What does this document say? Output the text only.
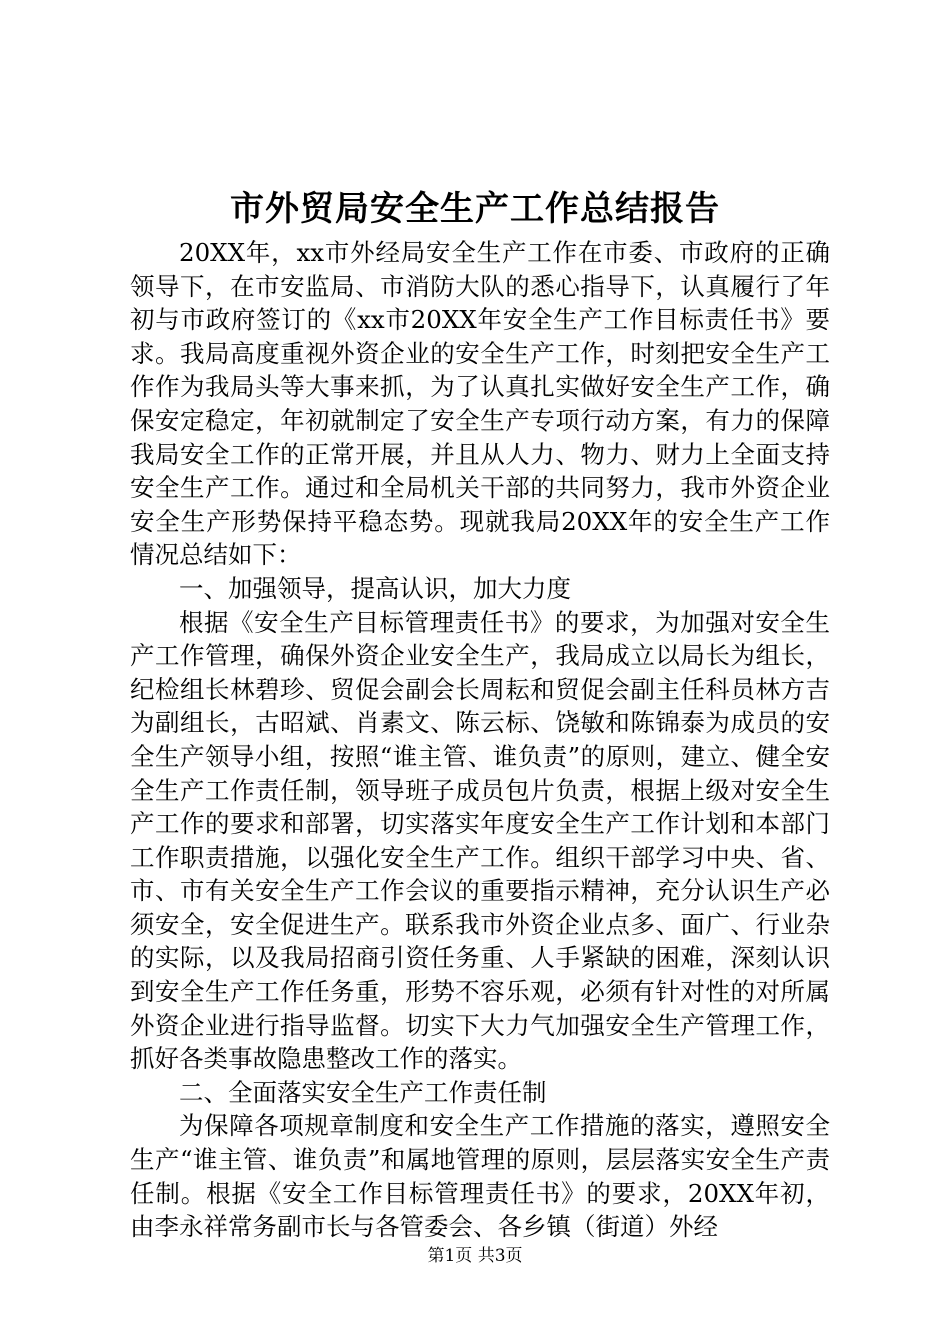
市外贸局安全生产工作总结报告

20XX年，xx市外经局安全生产工作在市委、市政府的正确领导下，在市安监局、市消防大队的悉心指导下，认真履行了年初与市政府签订的《xx市20XX年安全生产工作目标责任书》要求。我局高度重视外资企业的安全生产工作，时刻把安全生产工作作为我局头等大事来抓，为了认真扎实做好安全生产工作，确保安定稳定，年初就制定了安全生产专项行动方案，有力的保障我局安全工作的正常开展，并且从人力、物力、财力上全面支持安全生产工作。通过和全局机关干部的共同努力，我市外资企业安全生产形势保持平稳态势。现就我局20XX年的安全生产工作情况总结如下：

一、加强领导，提高认识，加大力度

根据《安全生产目标管理责任书》的要求，为加强对安全生产工作管理，确保外资企业安全生产，我局成立以局长为组长，纪检组长林碧珍、贸促会副会长周耘和贸促会副主任科员林方吉为副组长，古昭斌、肖素文、陈云标、饶敏和陈锦泰为成员的安全生产领导小组，按照“谁主管、谁负责”的原则，建立、健全安全生产工作责任制，领导班子成员包片负责，根据上级对安全生产工作的要求和部署，切实落实年度安全生产工作计划和本部门工作职责措施，以强化安全生产工作。组织干部学习中央、省、市、市有关安全生产工作会议的重要指示精神，充分认识生产必须安全，安全促进生产。联系我市外资企业点多、面广、行业杂的实际，以及我局招商引资任务重、人手紧缺的困难，深刻认识到安全生产工作任务重，形势不容乐观，必须有针对性的对所属外资企业进行指导监督。切实下大力气加强安全生产管理工作，抓好各类事故隐患整改工作的落实。

二、全面落实安全生产工作责任制

为保障各项规章制度和安全生产工作措施的落实，遵照安全生产“谁主管、谁负责”和属地管理的原则，层层落实安全生产责任制。根据《安全工作目标管理责任书》的要求，20XX年初，由李永祥常务副市长与各管委会、各乡镇（街道）外经

第1页 共3页
